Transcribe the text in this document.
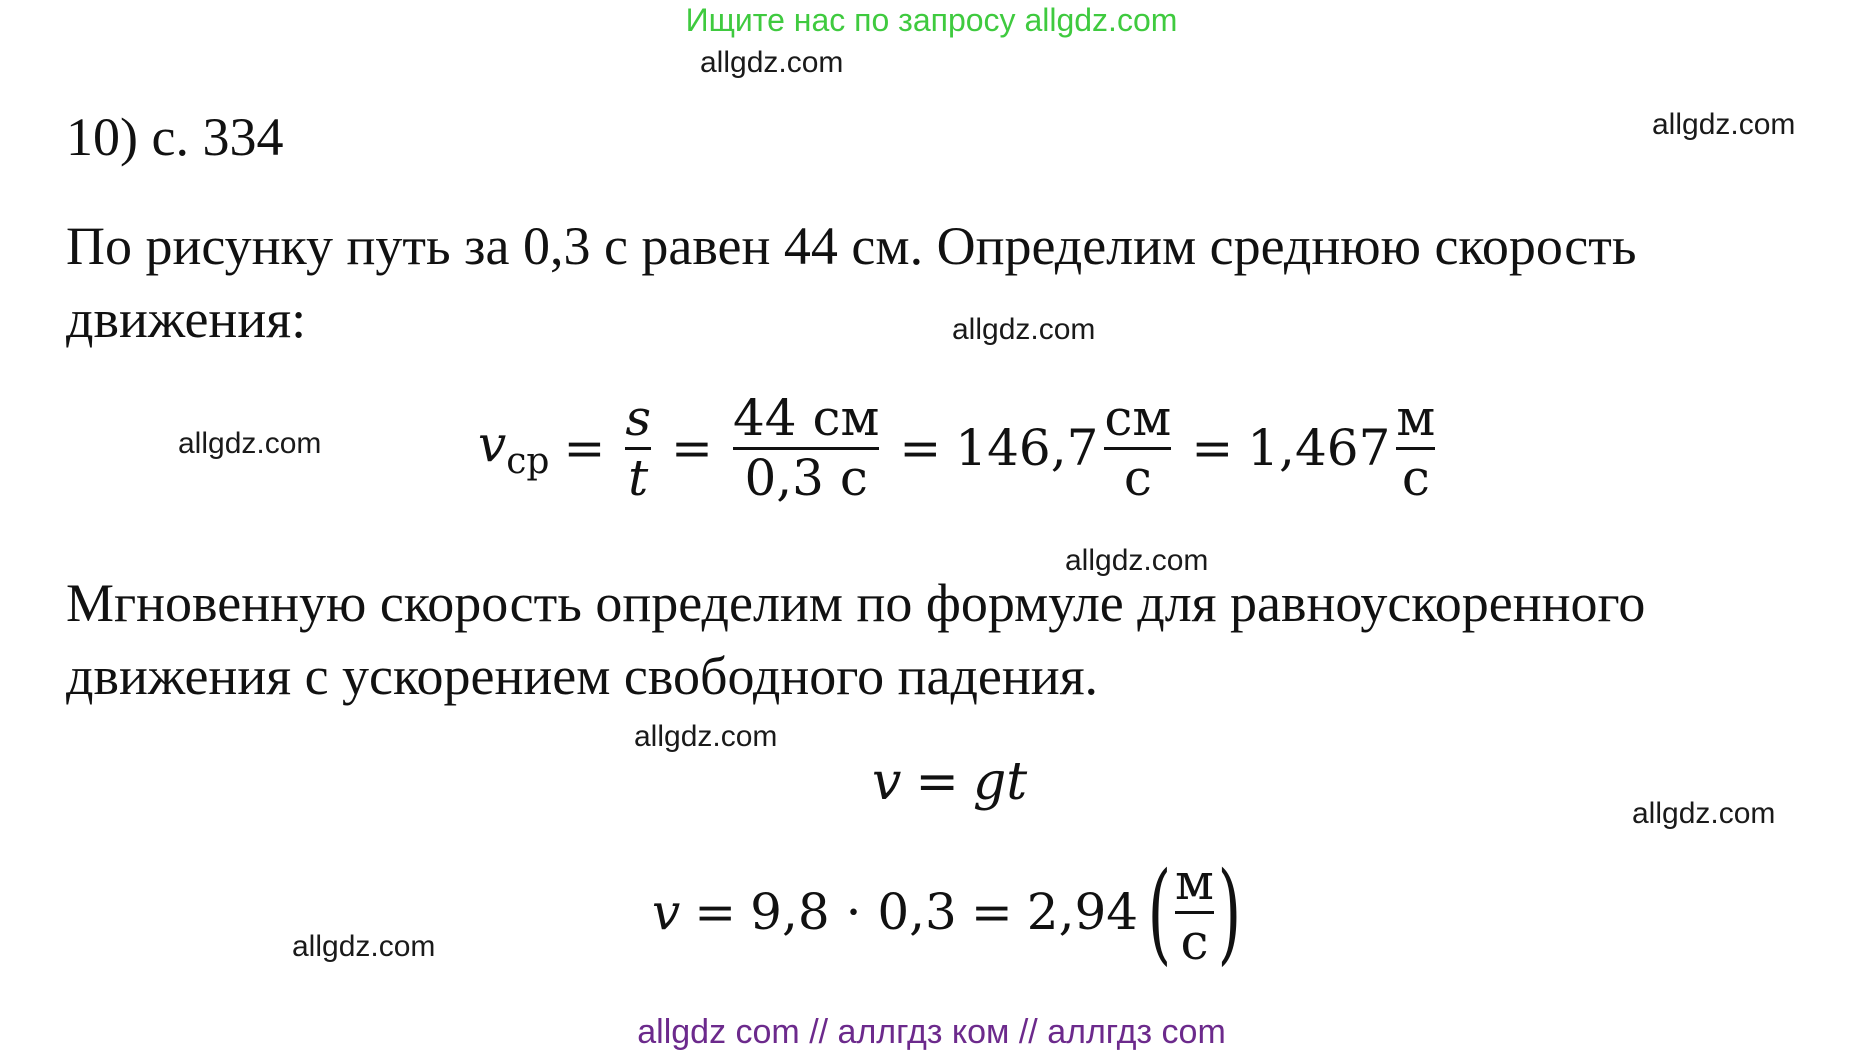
Ищите нас по запросу allgdz.com
allgdz.com
allgdz.com
allgdz.com
allgdz.com
allgdz.com
allgdz.com
allgdz.com
allgdz.com
10) с. 334
По рисунку путь за 0,3 с равен 44 см. Определим среднюю скорость
движения:
$v_{ср} = \frac{s}{t} = \frac{44 см}{0,3 с} = 146,7 \frac{см}{с} = 1,467 \frac{м}{с}$
Мгновенную скорость определим по формуле для равноускоренного
движения с ускорением свободного падения.
v = gt
v = 9,8 · 0,3 = 2,94 ( $\frac{м}{с}$ )
allgdz com // аллгдз ком // аллгдз com
